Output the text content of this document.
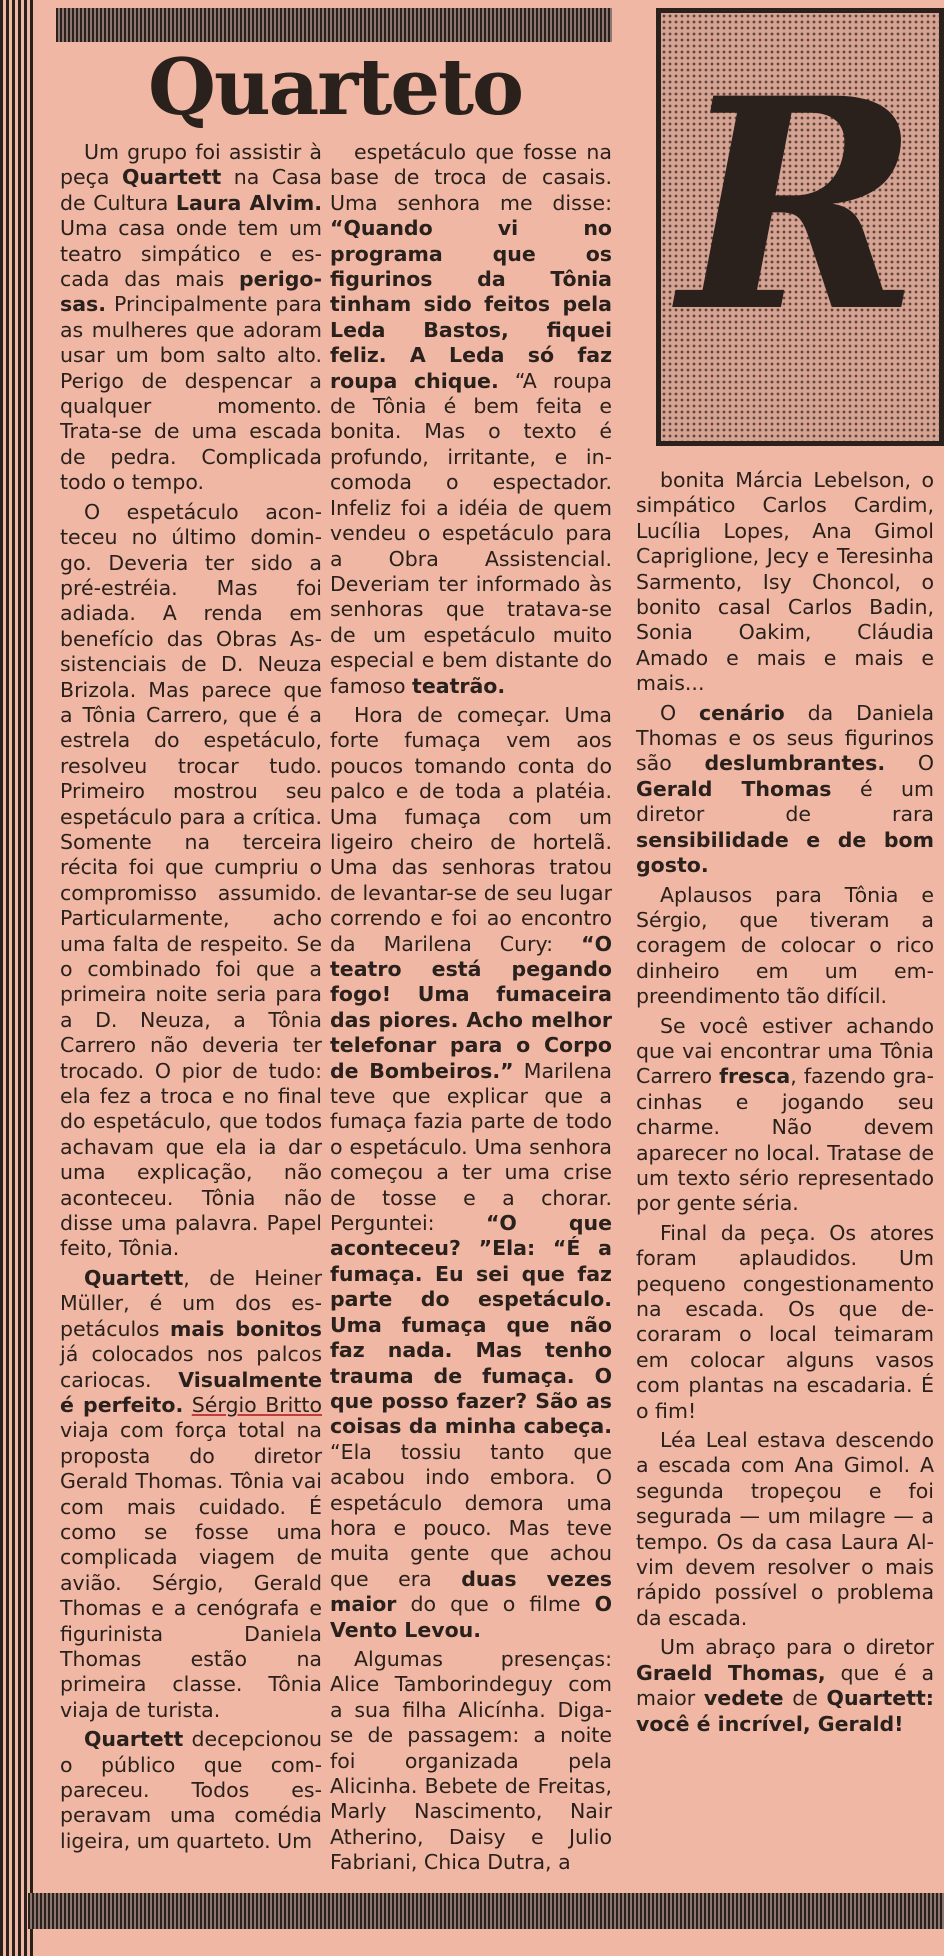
Quarteto R

Um grupo foi assistir à peça Quartett na Casa de Cultura Laura Alvim. Uma casa onde tem um teatro simpático e escada das mais perigosas. Principalmente para as mulheres que adoram usar um bom salto alto. Perigo de despencar a qualquer momento. Trata-se de uma escada de pedra. Complicada todo o tempo.

O espetáculo aconteceu no último domingo. Deveria ter sido a pré-estréia. Mas foi adiada. A renda em benefício das Obras Assistenciais de D. Neuza Brizola. Mas parece que a Tônia Carrero, que é a estrela do espetáculo, resolveu trocar tudo. Primeiro mostrou seu espetáculo para a crítica. Somente na terceira récita foi que cumpriu o compromisso assumido. Particularmente, acho uma falta de respeito. Se o combinado foi que a primeira noite seria para a D. Neuza, a Tônia Carrero não deveria ter trocado. O pior de tudo: ela fez a troca e no final do espetáculo, que todos achavam que ela ia dar uma explicação, não aconteceu. Tônia não disse uma palavra. Papel feito, Tônia.

Quartett, de Heiner Müller, é um dos espetáculos mais bonitos já colocados nos palcos cariocas. Visualmente é perfeito. Sérgio Britto viaja com força total na proposta do diretor Gerald Thomas. Tônia vai com mais cuidado. É como se fosse uma complicada viagem de avião. Sérgio, Gerald Thomas e a cenógrafa e figurinista Daniela Thomas estão na primeira classe. Tônia viaja de turista.

Quartett decepcionou o público que compareceu. Todos esperavam uma comédia ligeira, um quarteto. Um

espetáculo que fosse na base de troca de casais. Uma senhora me disse: “Quando vi no programa que os figurinos da Tônia tinham sido feitos pela Leda Bastos, fiquei feliz. A Leda só faz roupa chique. “A roupa de Tônia é bem feita e bonita. Mas o texto é profundo, irritante, e incomoda o espectador. Infeliz foi a idéia de quem vendeu o espetáculo para a Obra Assistencial. Deveriam ter informado às senhoras que tratava-se de um espetáculo muito especial e bem distante do famoso teatrão.

Hora de começar. Uma forte fumaça vem aos poucos tomando conta do palco e de toda a platéia. Uma fumaça com um ligeiro cheiro de hortelã. Uma das senhoras tratou de levantar-se de seu lugar correndo e foi ao encontro da Marilena Cury: “O teatro está pegando fogo! Uma fumaceira das piores. Acho melhor telefonar para o Corpo de Bombeiros.” Marilena teve que explicar que a fumaça fazia parte de todo o espetáculo. Uma senhora começou a ter uma crise de tosse e a chorar. Perguntei: “O que aconteceu? ”Ela: “É a fumaça. Eu sei que faz parte do espetáculo. Uma fumaça que não faz nada. Mas tenho trauma de fumaça. O que posso fazer? São as coisas da minha cabeça. “Ela tossiu tanto que acabou indo embora. O espetáculo demora uma hora e pouco. Mas teve muita gente que achou que era duas vezes maior do que o filme O Vento Levou.

Algumas presenças: Alice Tamborindeguy com a sua filha Alicínha. Diga-se de passagem: a noite foi organizada pela Alicinha. Bebete de Freitas, Marly Nascimento, Nair Atherino, Daisy e Julio Fabriani, Chica Dutra, a

bonita Márcia Lebelson, o simpático Carlos Cardim, Lucília Lopes, Ana Gimol Capriglione, Jecy e Teresinha Sarmento, Isy Choncol, o bonito casal Carlos Badin, Sonia Oakim, Cláudia Amado e mais e mais e mais...

O cenário da Daniela Thomas e os seus figurinos são deslumbrantes. O Gerald Thomas é um diretor de rara sensibilidade e de bom gosto.

Aplausos para Tônia e Sérgio, que tiveram a coragem de colocar o rico dinheiro em um empreendimento tão difícil.

Se você estiver achando que vai encontrar uma Tônia Carrero fresca, fazendo gracinhas e jogando seu charme. Não devem aparecer no local. Tratase de um texto sério representado por gente séria.

Final da peça. Os atores foram aplaudidos. Um pequeno congestionamento na escada. Os que decoraram o local teimaram em colocar alguns vasos com plantas na escadaria. É o fim!

Léa Leal estava descendo a escada com Ana Gimol. A segunda tropeçou e foi segurada — um milagre — a tempo. Os da casa Laura Alvim devem resolver o mais rápido possível o problema da escada.

Um abraço para o diretor Graeld Thomas, que é a maior vedete de Quartett: você é incrível, Gerald!
